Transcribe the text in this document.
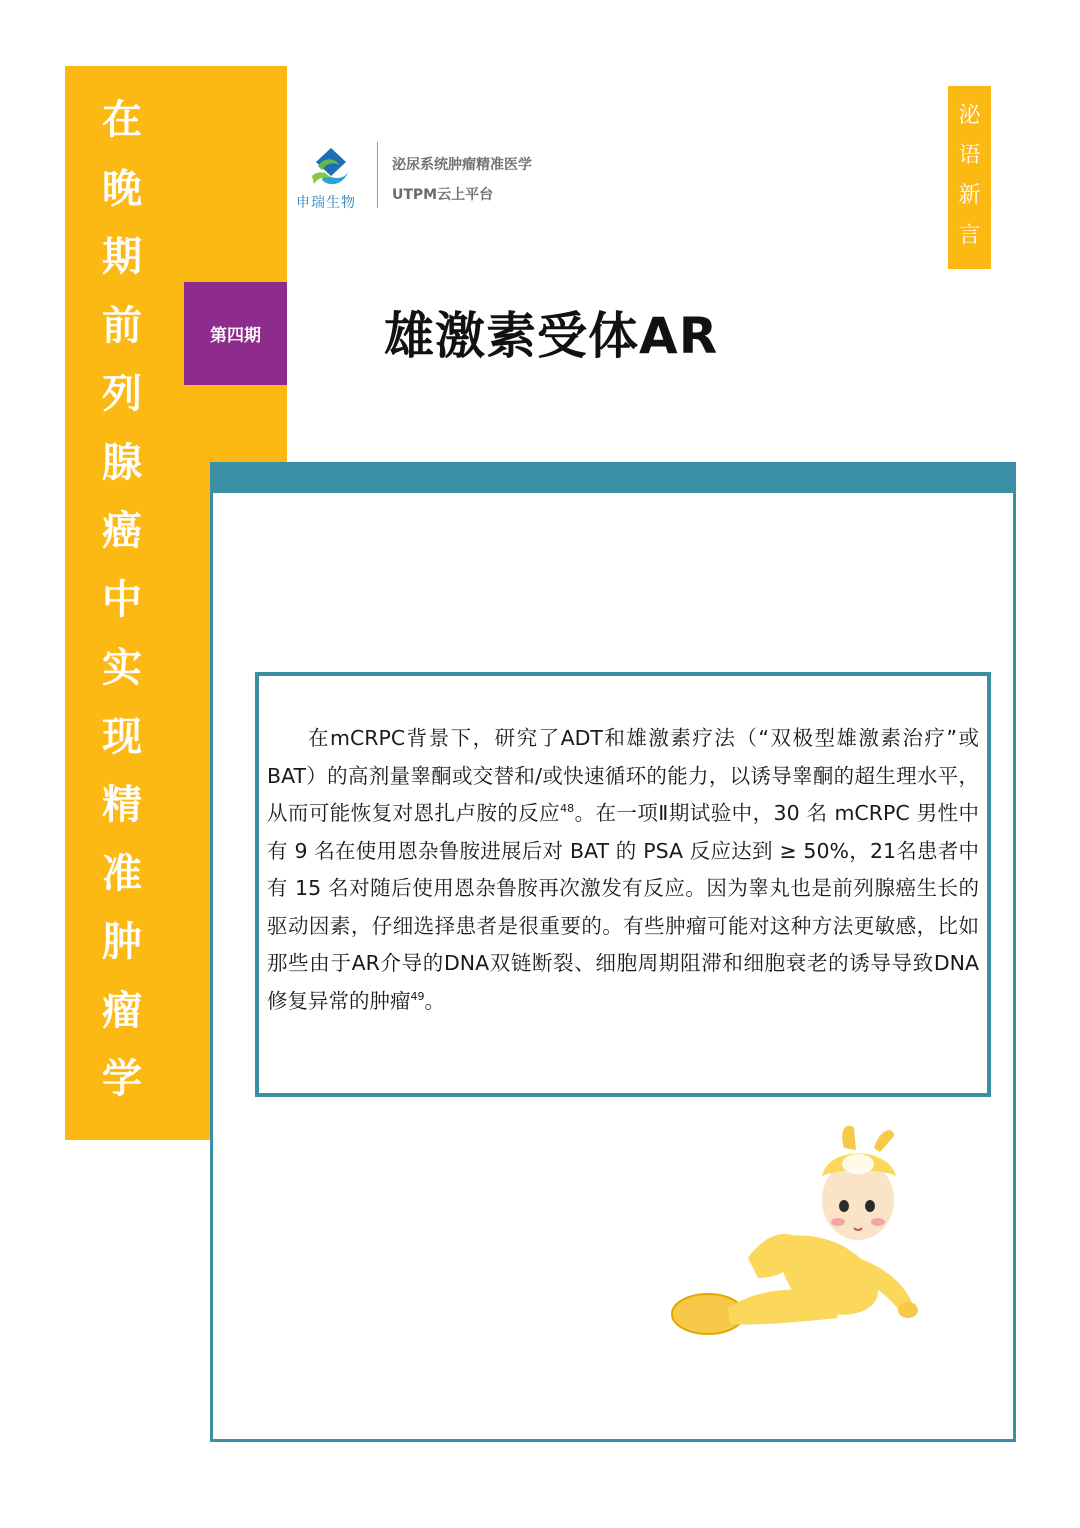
在
晚
期
前
列
腺
癌
中
实
现
精
准
肿
瘤
学
第四期
申瑞生物
泌尿系统肿瘤精准医学
UTPM云上平台
泌
语
新
言
雄激素受体AR

在mCRPC背景下，研究了ADT和雄激素疗法（“双极型雄激素治疗”或BAT）的高剂量睾酮或交替和/或快速循环的能力，以诱导睾酮的超生理水平，从而可能恢复对恩扎卢胺的反应$^{48}$。在一项Ⅱ期试验中，30 名 mCRPC 男性中有 9 名在使用恩杂鲁胺进展后对 BAT 的 PSA 反应达到 ≥ 50%，21名患者中有 15 名对随后使用恩杂鲁胺再次激发有反应。因为睾丸也是前列腺癌生长的驱动因素，仔细选择患者是很重要的。有些肿瘤可能对这种方法更敏感，比如那些由于AR介导的DNA双链断裂、细胞周期阻滞和细胞衰老的诱导导致DNA修复异常的肿瘤$^{49}$。
